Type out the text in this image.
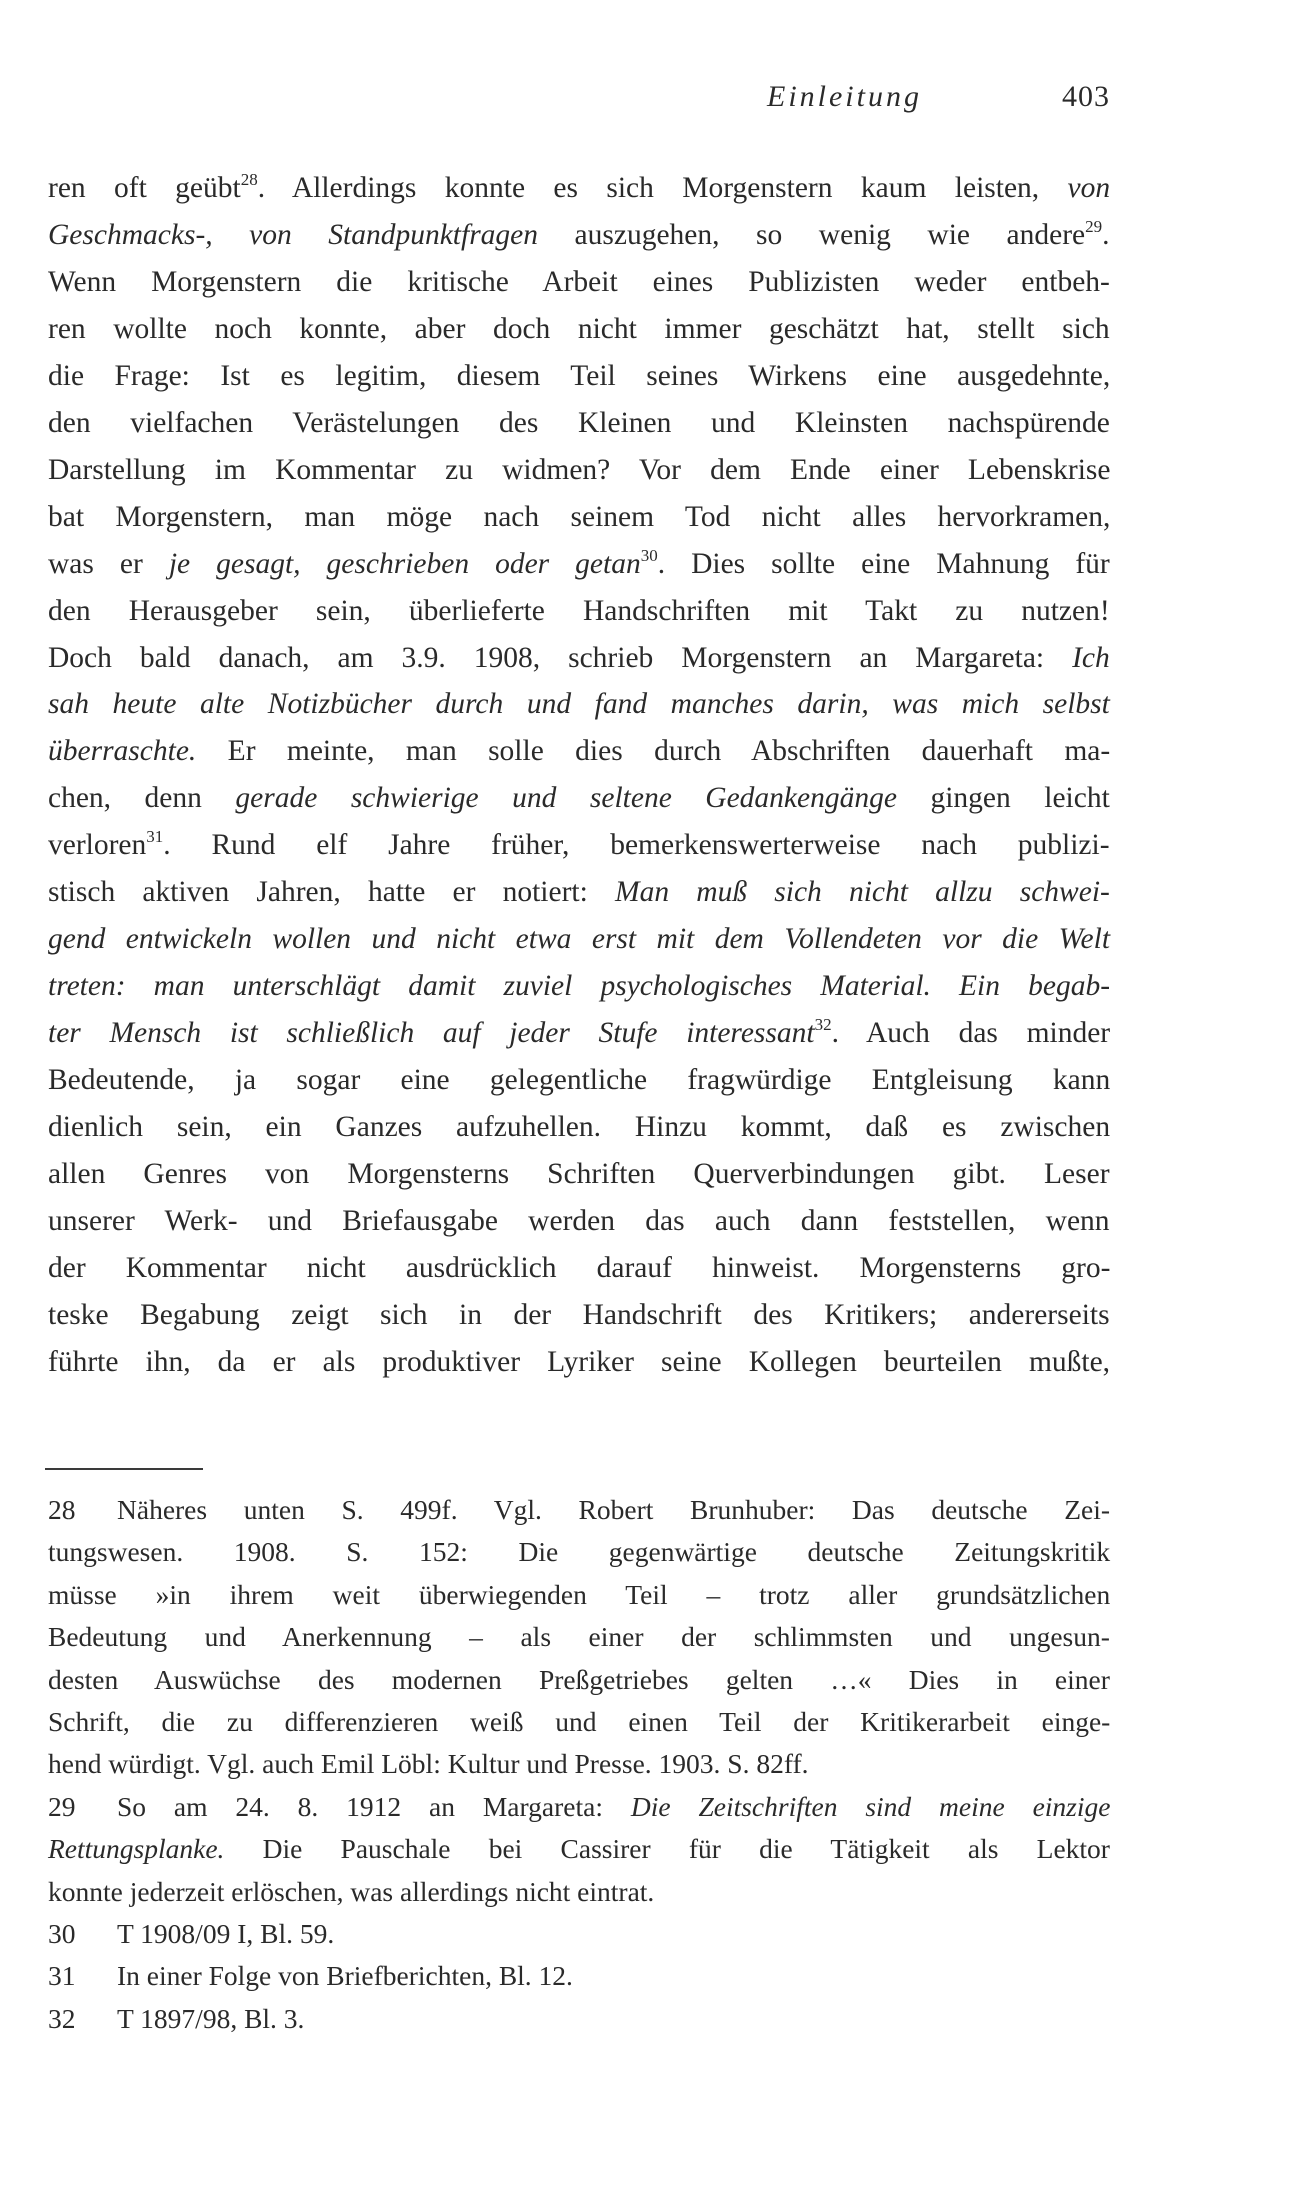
Einleitung	403
ren oft geübt$^{28}$. Allerdings konnte es sich Morgenstern kaum leisten, von
Geschmacks-, von Standpunktfragen auszugehen, so wenig wie andere$^{29}$.
Wenn Morgenstern die kritische Arbeit eines Publizisten weder entbeh-
ren wollte noch konnte, aber doch nicht immer geschätzt hat, stellt sich
die Frage: Ist es legitim, diesem Teil seines Wirkens eine ausgedehnte,
den vielfachen Verästelungen des Kleinen und Kleinsten nachspürende
Darstellung im Kommentar zu widmen? Vor dem Ende einer Lebenskrise
bat Morgenstern, man möge nach seinem Tod nicht alles hervorkramen,
was er je gesagt, geschrieben oder getan$^{30}$. Dies sollte eine Mahnung für
den Herausgeber sein, überlieferte Handschriften mit Takt zu nutzen!
Doch bald danach, am 3.9. 1908, schrieb Morgenstern an Margareta: Ich
sah heute alte Notizbücher durch und fand manches darin, was mich selbst
überraschte. Er meinte, man solle dies durch Abschriften dauerhaft ma-
chen, denn gerade schwierige und seltene Gedankengänge gingen leicht
verloren$^{31}$. Rund elf Jahre früher, bemerkenswerterweise nach publizi-
stisch aktiven Jahren, hatte er notiert: Man muß sich nicht allzu schwei-
gend entwickeln wollen und nicht etwa erst mit dem Vollendeten vor die Welt
treten: man unterschlägt damit zuviel psychologisches Material. Ein begab-
ter Mensch ist schließlich auf jeder Stufe interessant$^{32}$. Auch das minder
Bedeutende, ja sogar eine gelegentliche fragwürdige Entgleisung kann
dienlich sein, ein Ganzes aufzuhellen. Hinzu kommt, daß es zwischen
allen Genres von Morgensterns Schriften Querverbindungen gibt. Leser
unserer Werk- und Briefausgabe werden das auch dann feststellen, wenn
der Kommentar nicht ausdrücklich darauf hinweist. Morgensterns gro-
teske Begabung zeigt sich in der Handschrift des Kritikers; andererseits
führte ihn, da er als produktiver Lyriker seine Kollegen beurteilen mußte,
28 Näheres unten S. 499f. Vgl. Robert Brunhuber: Das deutsche Zei-
tungswesen. 1908. S. 152: Die gegenwärtige deutsche Zeitungskritik
müsse »in ihrem weit überwiegenden Teil – trotz aller grundsätzlichen
Bedeutung und Anerkennung – als einer der schlimmsten und ungesun-
desten Auswüchse des modernen Preßgetriebes gelten …« Dies in einer
Schrift, die zu differenzieren weiß und einen Teil der Kritikerarbeit einge-
hend würdigt. Vgl. auch Emil Löbl: Kultur und Presse. 1903. S. 82ff.
29 So am 24. 8. 1912 an Margareta: Die Zeitschriften sind meine einzige
Rettungsplanke. Die Pauschale bei Cassirer für die Tätigkeit als Lektor
konnte jederzeit erlöschen, was allerdings nicht eintrat.
30 T 1908/09 I, Bl. 59.
31 In einer Folge von Briefberichten, Bl. 12.
32 T 1897/98, Bl. 3.
